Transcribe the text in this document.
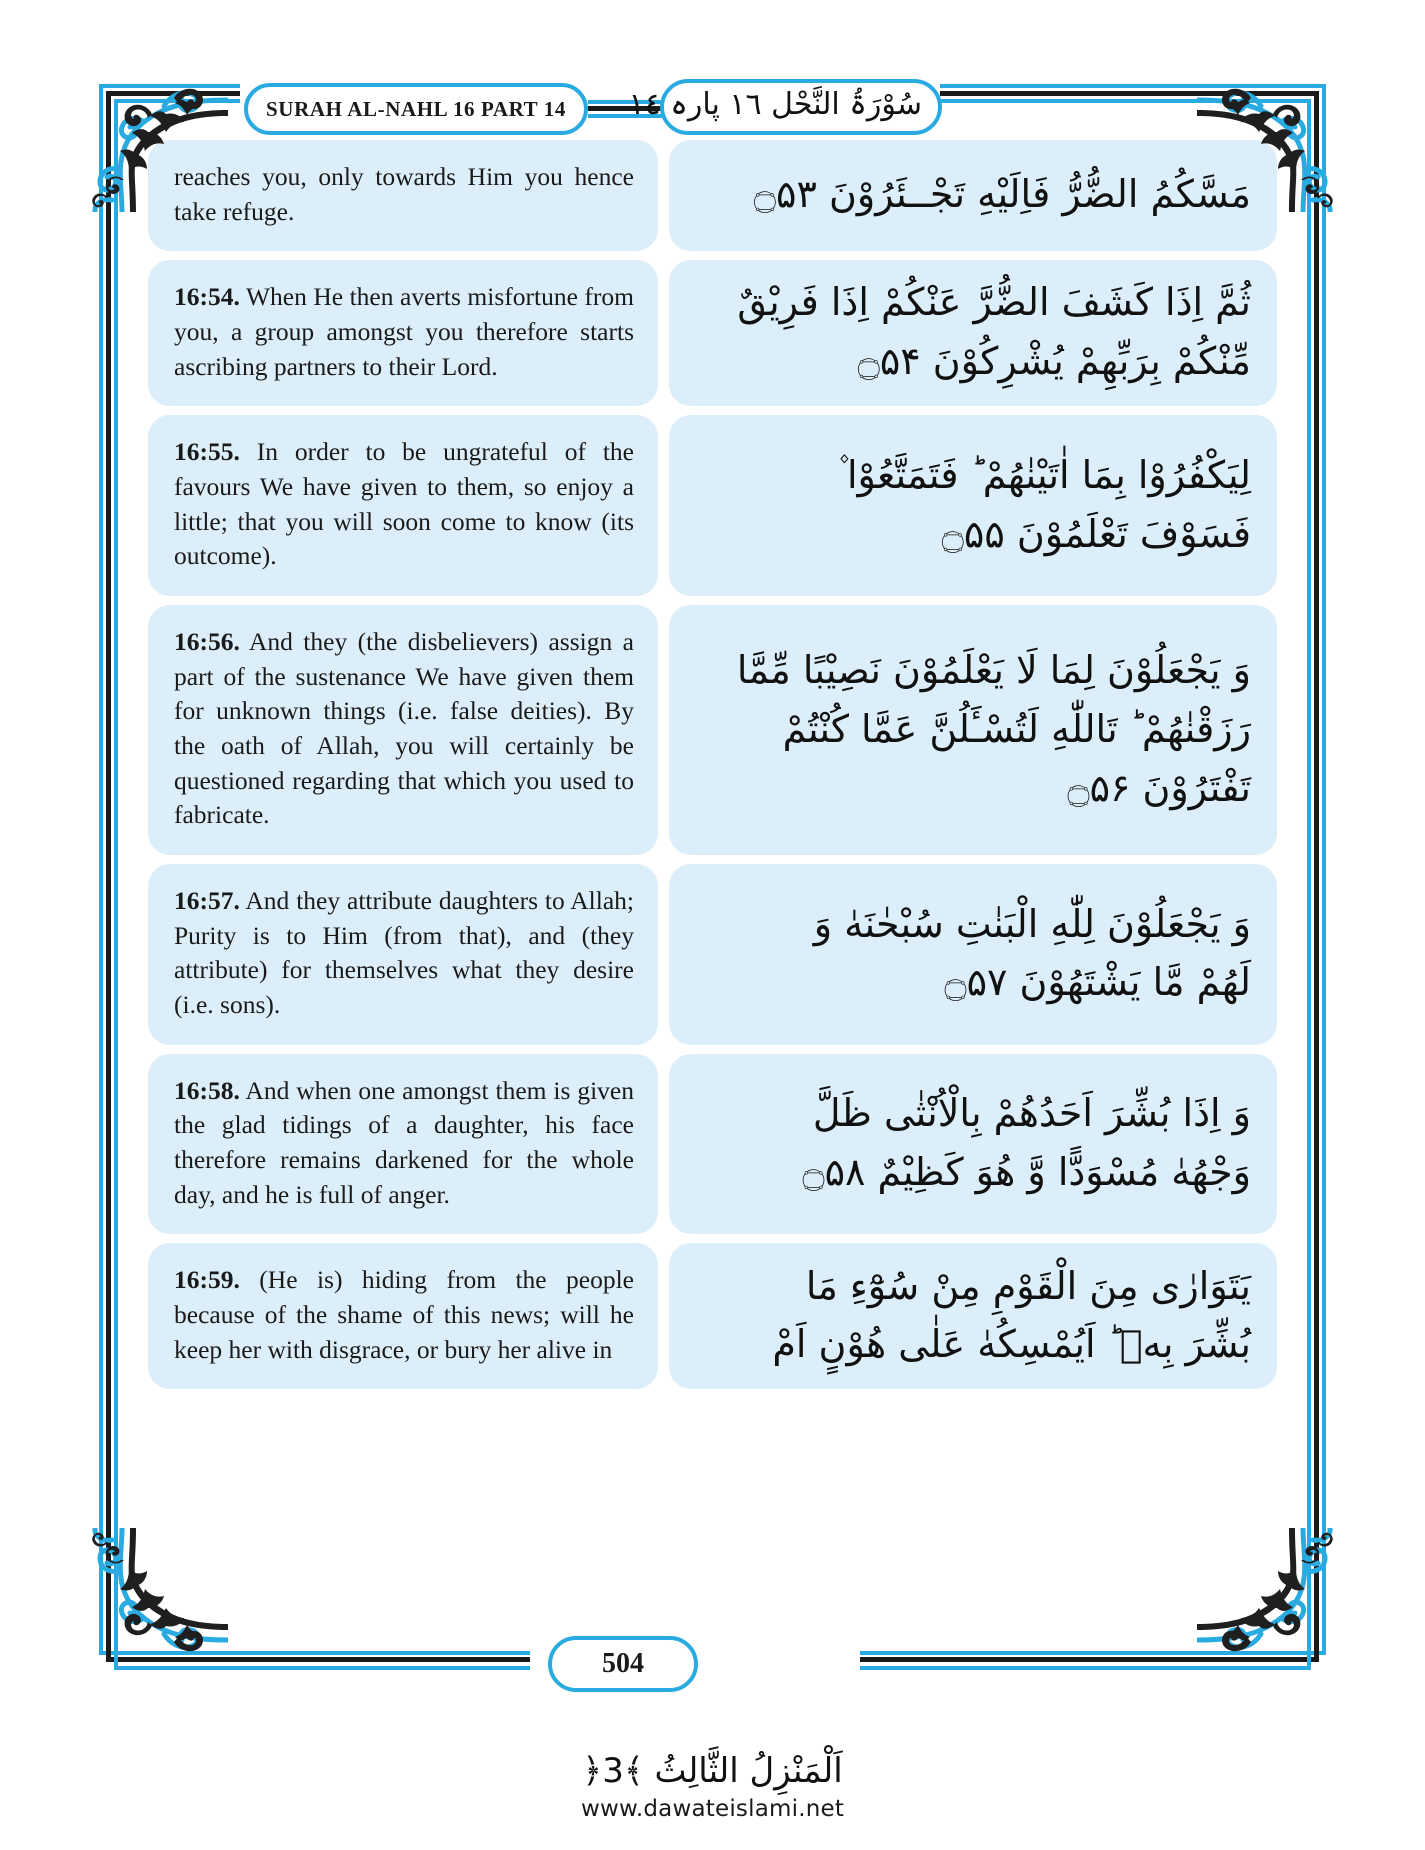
SURAH AL-NAHL 16 PART 14 سُوْرَۃُ النَّحْل ١٦ پارہ ١٤
reaches you, only towards Him you hence take refuge.	مَسَّكُمُ الضُّرُّ فَاِلَیْهِ تَجْــئَرُوْنَ ۝۵۳
16:54. When He then averts misfortune from you, a group amongst you therefore starts ascribing partners to their Lord.
ثُمَّ اِذَا كَشَفَ الضُّرَّ عَنْكُمْ اِذَا فَرِیْقٌ
مِّنْكُمْ بِرَبِّهِمْ یُشْرِكُوْنَ ۝۵۴
16:55. In order to be ungrateful of the favours We have given to them, so enjoy a little; that you will soon come to know (its outcome).
لِیَكْفُرُوْا بِمَا اٰتَیْنٰهُمْ ؕ فَتَمَتَّعُوْا ۫
فَسَوْفَ تَعْلَمُوْنَ ۝۵۵
16:56. And they (the disbelievers) assign a part of the sustenance We have given them for unknown things (i.e. false deities). By the oath of Allah, you will certainly be questioned regarding that which you used to fabricate.
وَ یَجْعَلُوْنَ لِمَا لَا یَعْلَمُوْنَ نَصِیْبًا مِّمَّا
رَزَقْنٰهُمْ ؕ تَاللّٰهِ لَتُسْـَٔلُنَّ عَمَّا كُنْتُمْ
تَفْتَرُوْنَ ۝۵۶
16:57. And they attribute daughters to Allah; Purity is to Him (from that), and (they attribute) for themselves what they desire (i.e. sons).
وَ یَجْعَلُوْنَ لِلّٰهِ الْبَنٰتِ سُبْحٰنَهٰ وَ
لَهُمْ مَّا یَشْتَهُوْنَ ۝۵۷
16:58. And when one amongst them is given the glad tidings of a daughter, his face therefore remains darkened for the whole day, and he is full of anger.
وَ اِذَا بُشِّرَ اَحَدُهُمْ بِالْاُنْثٰى ظَلَّ
وَجْهُهٰ مُسْوَدًّا وَّ هُوَ كَظِیْمٌ ۝۵۸
16:59. (He is) hiding from the people because of the shame of this news; will he keep her with disgrace, or bury her alive in
یَتَوَارٰى مِنَ الْقَوْمِ مِنْ سُوْٓءِ مَا
بُشِّرَ بِهٖ ؕ اَیُمْسِكُهٰ عَلٰى هُوْنٍ اَمْ
504
اَلْمَنْزِلُ الثَّالِثُ ﴾3﴿
www.dawateislami.net
